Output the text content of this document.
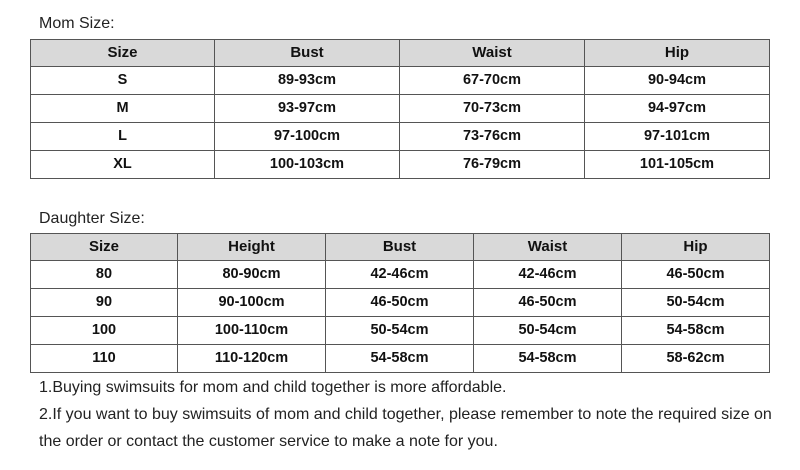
Mom Size:
Size	Bust	Waist	Hip
S	89-93cm	67-70cm	90-94cm
M	93-97cm	70-73cm	94-97cm
L	97-100cm	73-76cm	97-101cm
XL	100-103cm	76-79cm	101-105cm
Daughter Size:
Size	Height	Bust	Waist	Hip
80	80-90cm	42-46cm	42-46cm	46-50cm
90	90-100cm	46-50cm	46-50cm	50-54cm
100	100-110cm	50-54cm	50-54cm	54-58cm
110	110-120cm	54-58cm	54-58cm	58-62cm
1.Buying swimsuits for mom and child together is more affordable.
2.If you want to buy swimsuits of mom and child together, please remember to note the required size on the order or contact the customer service to make a note for you.
